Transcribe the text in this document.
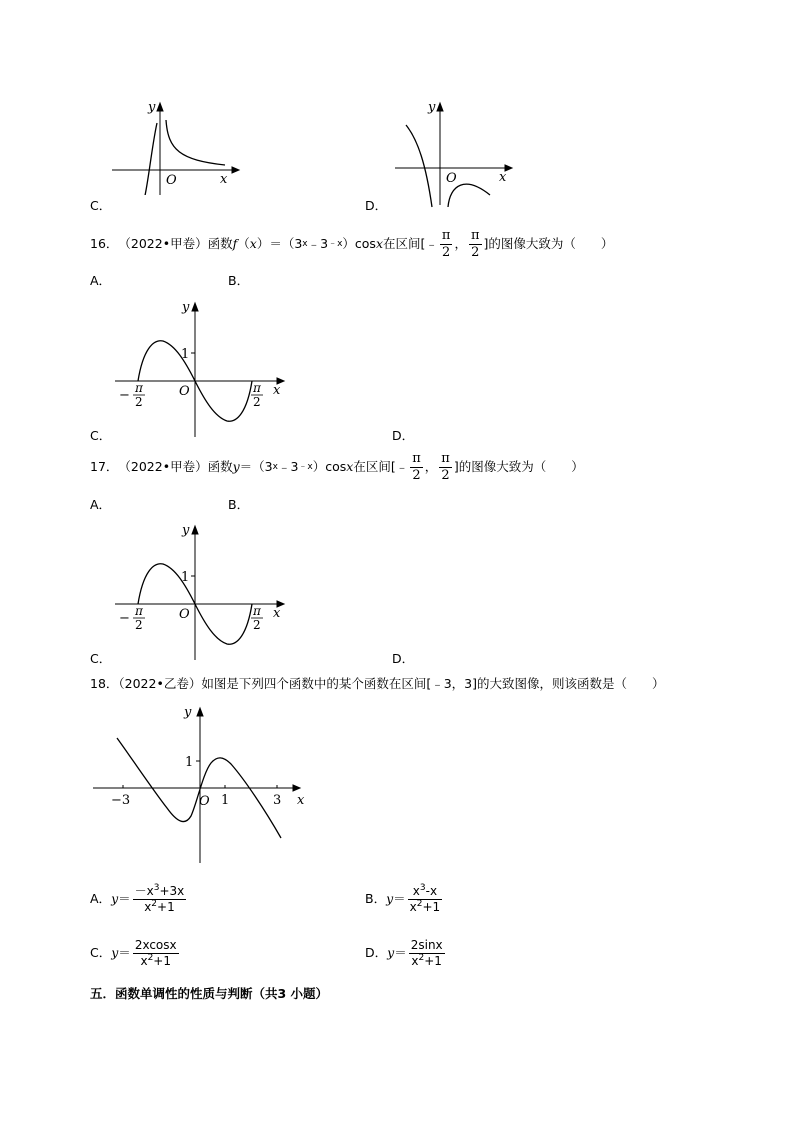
y
O	x
C．
y
O	x
D．
16． （2022•甲卷） 函数 f （ x ）＝（3 x ﹣3 ﹣x ）cos x 在区间[﹣ $\frac{\pi}{2}$ ， $\frac{\pi}{2}$ ]的图像大致为（　　）
A．	B．
y
1
O	x
− π
2
π
2
C．	D．
17． （2022•甲卷） 函数 y ＝（3 x ﹣3 ﹣x ）cos x 在区间[﹣ $\frac{\pi}{2}$ ， $\frac{\pi}{2}$ ]的图像大致为（　　）
A．	B．
y
1
O	x
− π
2
π
2
C．	D．
18．（2022•乙卷）如图是下列四个函数中的某个函数在区间[﹣3，3]的大致图像，则该函数是（　　）
y
1
−3	O 1	3 x
A． $y = \frac{-x^3+3x}{x^2+1}$	B． $y = \frac{x^3-x}{x^2+1}$
C． $y = \frac{2xcosx}{x^2+1}$	D． $y = \frac{2\sin x}{x^2+1}$
五．函数单调性的性质与判断（共3 小题）
